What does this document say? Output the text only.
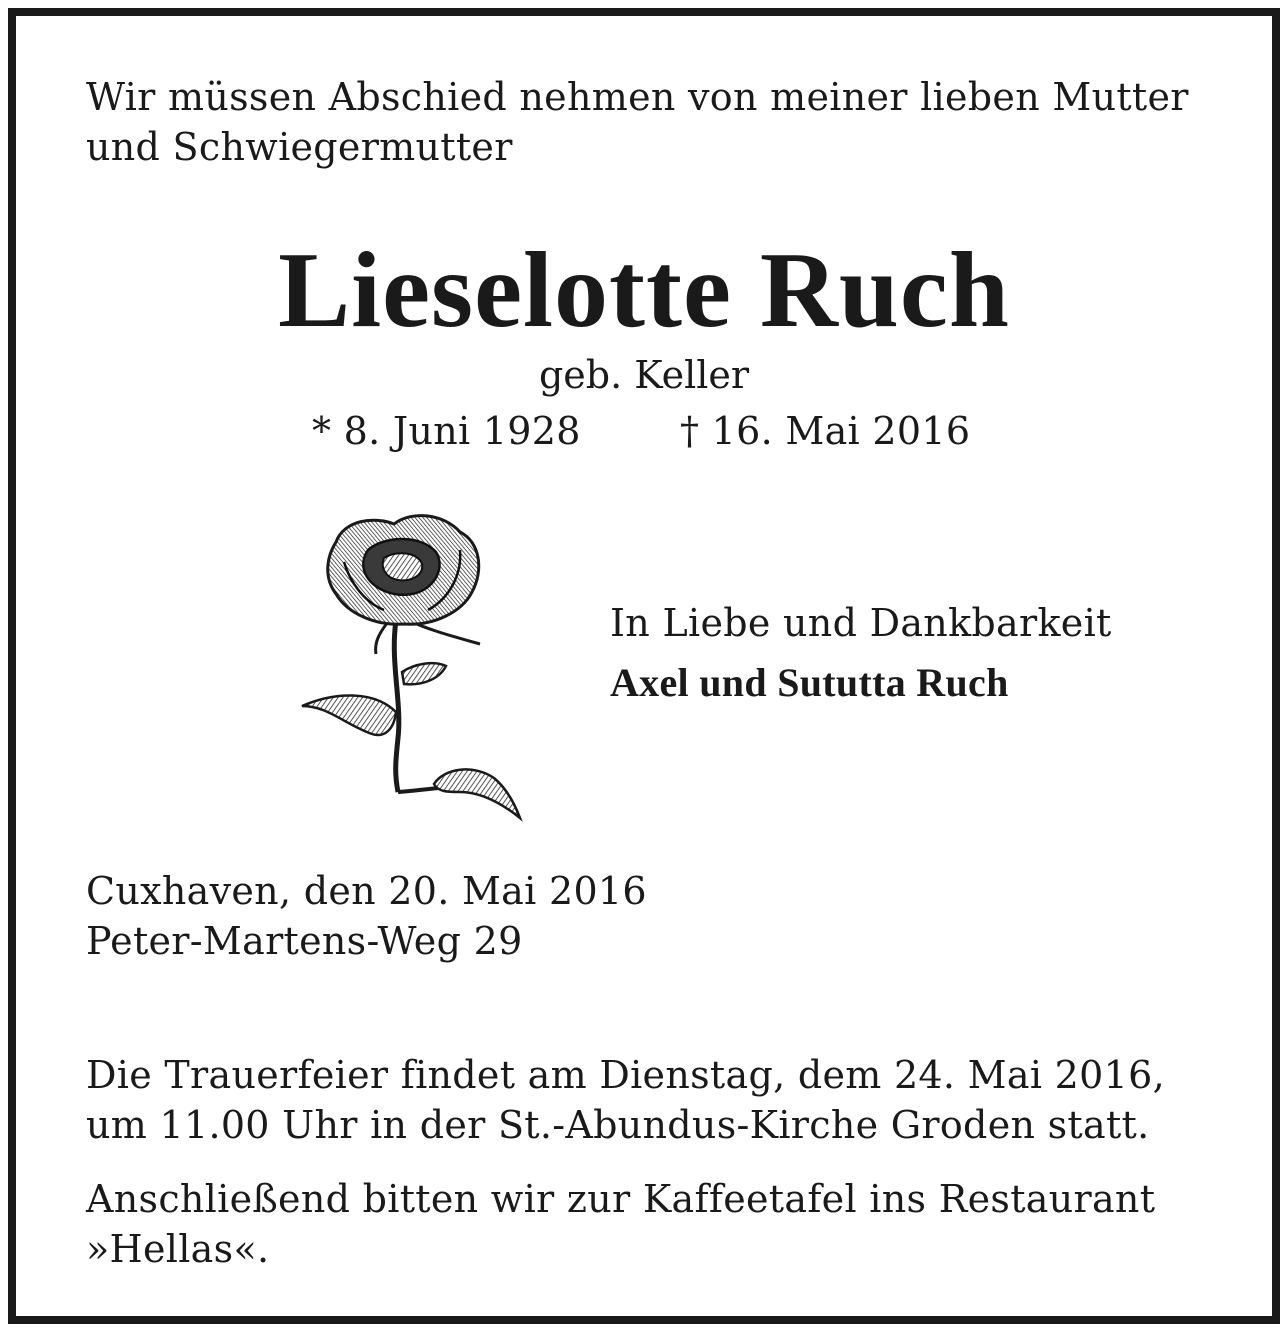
Wir müssen Abschied nehmen von meiner lieben Mutter
und Schwiegermutter
Lieselotte Ruch
geb. Keller
* 8. Juni 1928	† 16. Mai 2016
In Liebe und Dankbarkeit
Axel und Sututta Ruch
Cuxhaven, den 20. Mai 2016
Peter-Martens-Weg 29
Die Trauerfeier findet am Dienstag, dem 24. Mai 2016,
um 11.00 Uhr in der St.-Abundus-Kirche Groden statt.
Anschließend bitten wir zur Kaffeetafel ins Restaurant
»Hellas«.
